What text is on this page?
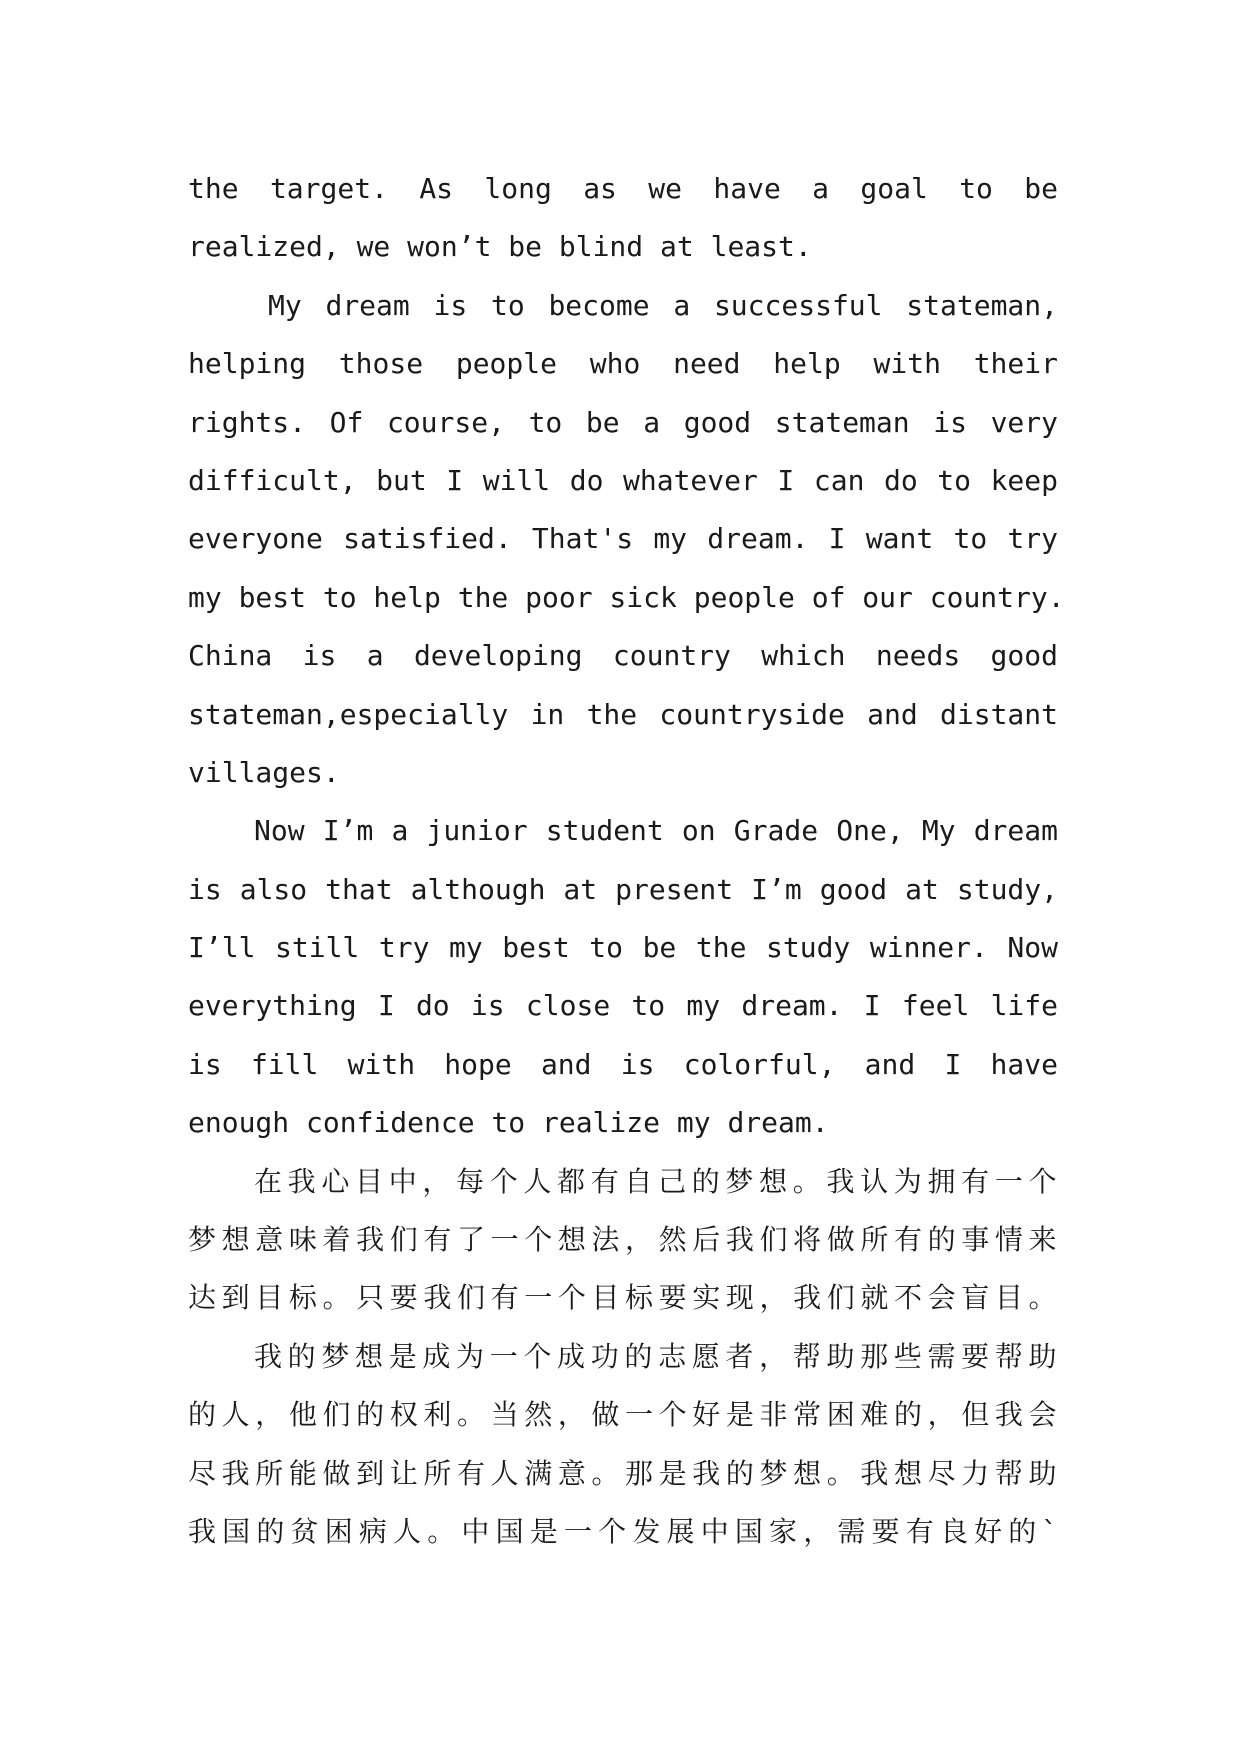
the target. As long as we have a goal to be
realized, we won’t be blind at least.
My dream is to become a successful stateman,
helping those people who need help with their
rights. Of course, to be a good stateman is very
difficult, but I will do whatever I can do to keep
everyone satisfied. That's my dream. I want to try
my best to help the poor sick people of our country.
China is a developing country which needs good
stateman,especially in the countryside and distant
villages.
Now I’m a junior student on Grade One, My dream
is also that although at present I’m good at study,
I’ll still try my best to be the study winner. Now
everything I do is close to my dream. I feel life
is fill with hope and is colorful, and I have
enough confidence to realize my dream.
在我心目中，每个人都有自己的梦想。我认为拥有一个
梦想意味着我们有了一个想法，然后我们将做所有的事情来
达到目标。只要我们有一个目标要实现，我们就不会盲目。
我的梦想是成为一个成功的志愿者，帮助那些需要帮助
的人，他们的权利。当然，做一个好是非常困难的，但我会
尽我所能做到让所有人满意。那是我的梦想。我想尽力帮助
我国的贫困病人。中国是一个发展中国家，需要有良好的`
